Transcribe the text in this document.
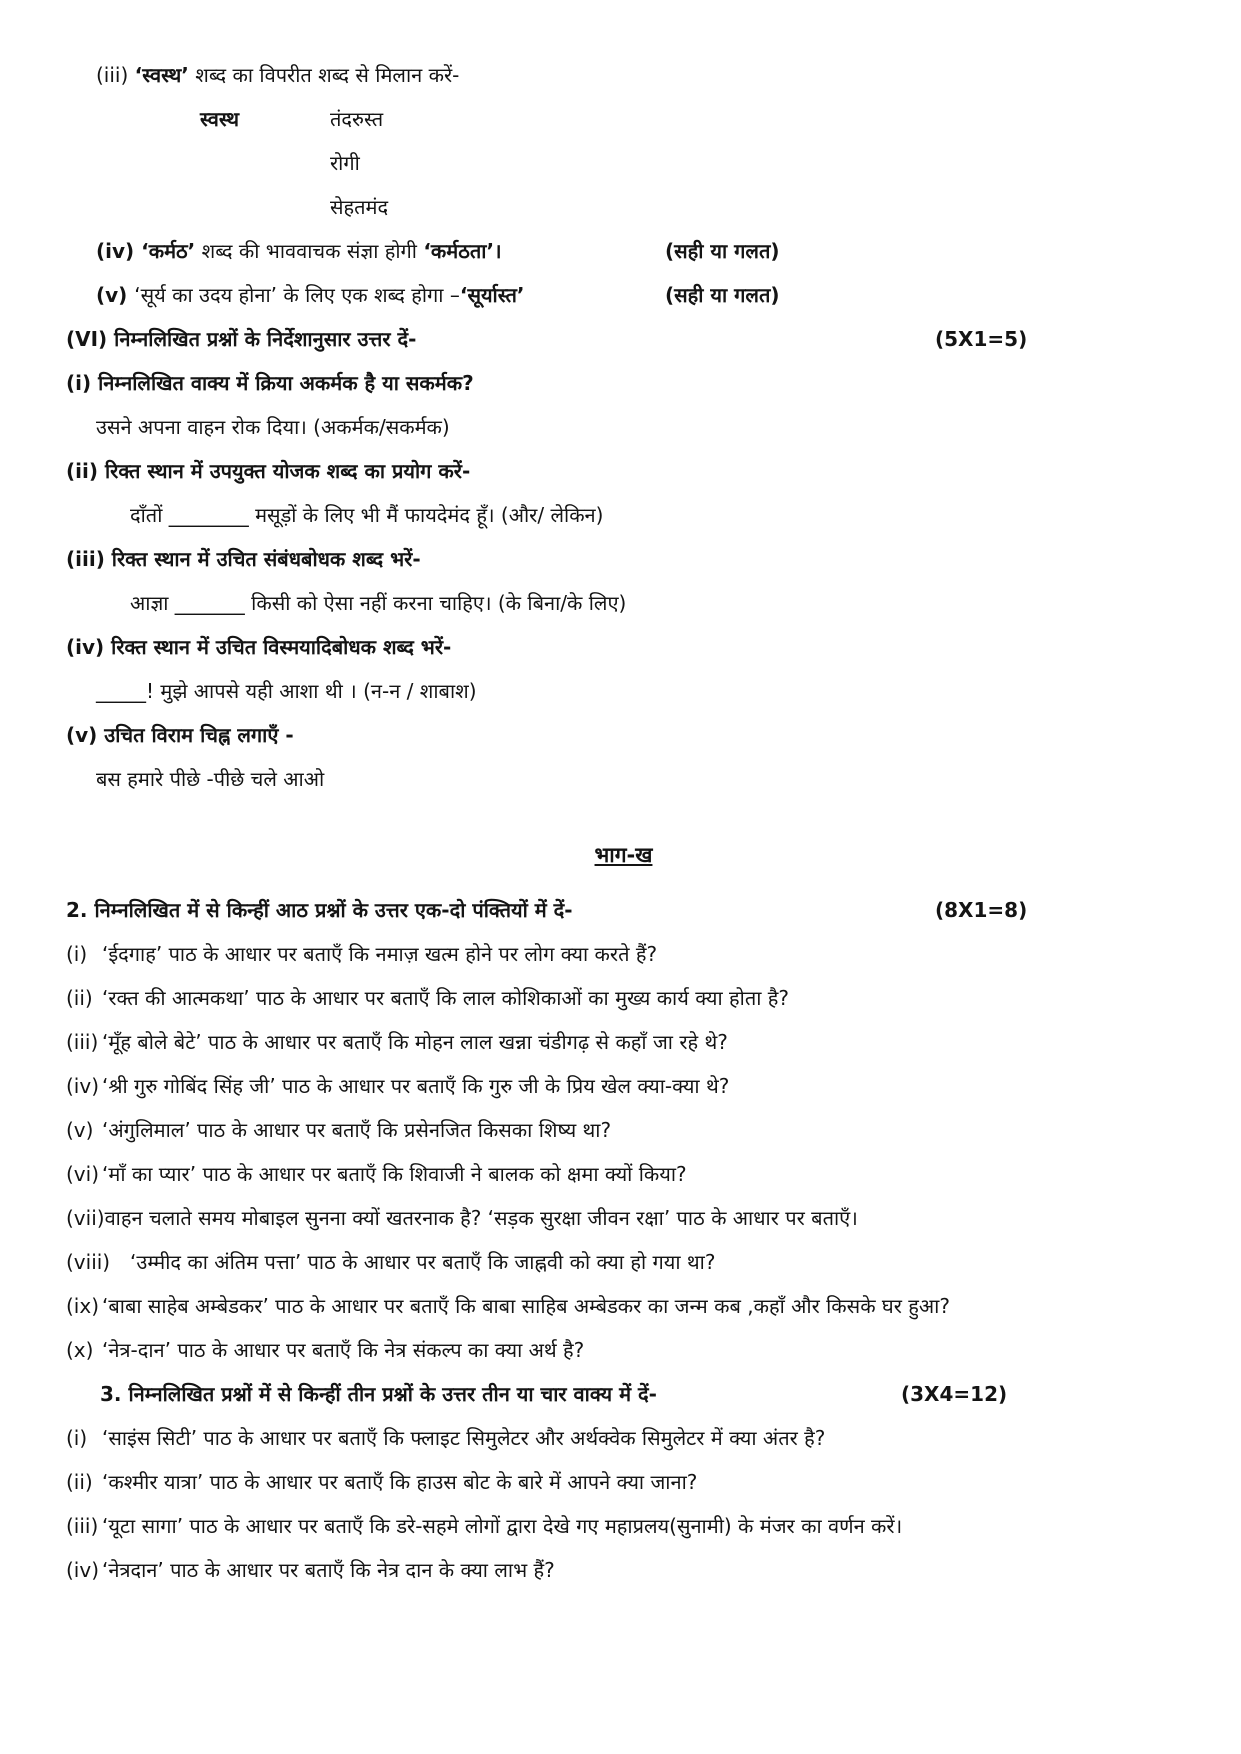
(iii) ‘स्वस्थ’ शब्द का विपरीत शब्द से मिलान करें-
स्वस्थ	तंदरुस्त
रोगी
सेहतमंद
(iv) ‘कर्मठ’ शब्द की भाववाचक संज्ञा होगी ‘कर्मठता’।	(सही या गलत)
(v) ‘सूर्य का उदय होना’ के लिए एक शब्द होगा –‘सूर्यास्त’	(सही या गलत)
(VI) निम्नलिखित प्रश्नों के निर्देशानुसार उत्तर दें-	(5X1=5)
(i) निम्नलिखित वाक्य में क्रिया अकर्मक है या सकर्मक?
उसने अपना वाहन रोक दिया। (अकर्मक/सकर्मक)
(ii) रिक्त स्थान में उपयुक्त योजक शब्द का प्रयोग करें-
दाँतों ________ मसूड़ों के लिए भी मैं फायदेमंद हूँ। (और/ लेकिन)
(iii) रिक्त स्थान में उचित संबंधबोधक शब्द भरें-
आज्ञा _______ किसी को ऐसा नहीं करना चाहिए। (के बिना/के लिए)
(iv) रिक्त स्थान में उचित विस्मयादिबोधक शब्द भरें-
_____! मुझे आपसे यही आशा थी । (न-न / शाबाश)
(v) उचित विराम चिह्न लगाएँ -
बस हमारे पीछे -पीछे चले आओ
भाग-ख
2. निम्नलिखित में से किन्हीं आठ प्रश्नों के उत्तर एक-दो पंक्तियों में दें-	(8X1=8)
(i) ‘ईदगाह’ पाठ के आधार पर बताएँ कि नमाज़ खत्म होने पर लोग क्या करते हैं?
(ii) ‘रक्त की आत्मकथा’ पाठ के आधार पर बताएँ कि लाल कोशिकाओं का मुख्य कार्य क्या होता है?
(iii) ‘मूँह बोले बेटे’ पाठ के आधार पर बताएँ कि मोहन लाल खन्ना चंडीगढ़ से कहाँ जा रहे थे?
(iv) ‘श्री गुरु गोबिंद सिंह जी’ पाठ के आधार पर बताएँ कि गुरु जी के प्रिय खेल क्या-क्या थे?
(v) ‘अंगुलिमाल’ पाठ के आधार पर बताएँ कि प्रसेनजित किसका शिष्य था?
(vi) ‘माँ का प्यार’ पाठ के आधार पर बताएँ कि शिवाजी ने बालक को क्षमा क्यों किया?
(vii)वाहन चलाते समय मोबाइल सुनना क्यों खतरनाक है? ‘सड़क सुरक्षा जीवन रक्षा’ पाठ के आधार पर बताएँ।
(viii) ‘उम्मीद का अंतिम पत्ता’ पाठ के आधार पर बताएँ कि जाह्नवी को क्या हो गया था?
(ix) ‘बाबा साहेब अम्बेडकर’ पाठ के आधार पर बताएँ कि बाबा साहिब अम्बेडकर का जन्म कब ,कहाँ और किसके घर हुआ?
(x) ‘नेत्र-दान’ पाठ के आधार पर बताएँ कि नेत्र संकल्प का क्या अर्थ है?
3. निम्नलिखित प्रश्नों में से किन्हीं तीन प्रश्नों के उत्तर तीन या चार वाक्य में दें-	(3X4=12)
(i) ‘साइंस सिटी’ पाठ के आधार पर बताएँ कि फ्लाइट सिमुलेटर और अर्थक्वेक सिमुलेटर में क्या अंतर है?
(ii) ‘कश्मीर यात्रा’ पाठ के आधार पर बताएँ कि हाउस बोट के बारे में आपने क्या जाना?
(iii) ‘यूटा सागा’ पाठ के आधार पर बताएँ कि डरे-सहमे लोगों द्वारा देखे गए महाप्रलय(सुनामी) के मंजर का वर्णन करें।
(iv) ‘नेत्रदान’ पाठ के आधार पर बताएँ कि नेत्र दान के क्या लाभ हैं?
